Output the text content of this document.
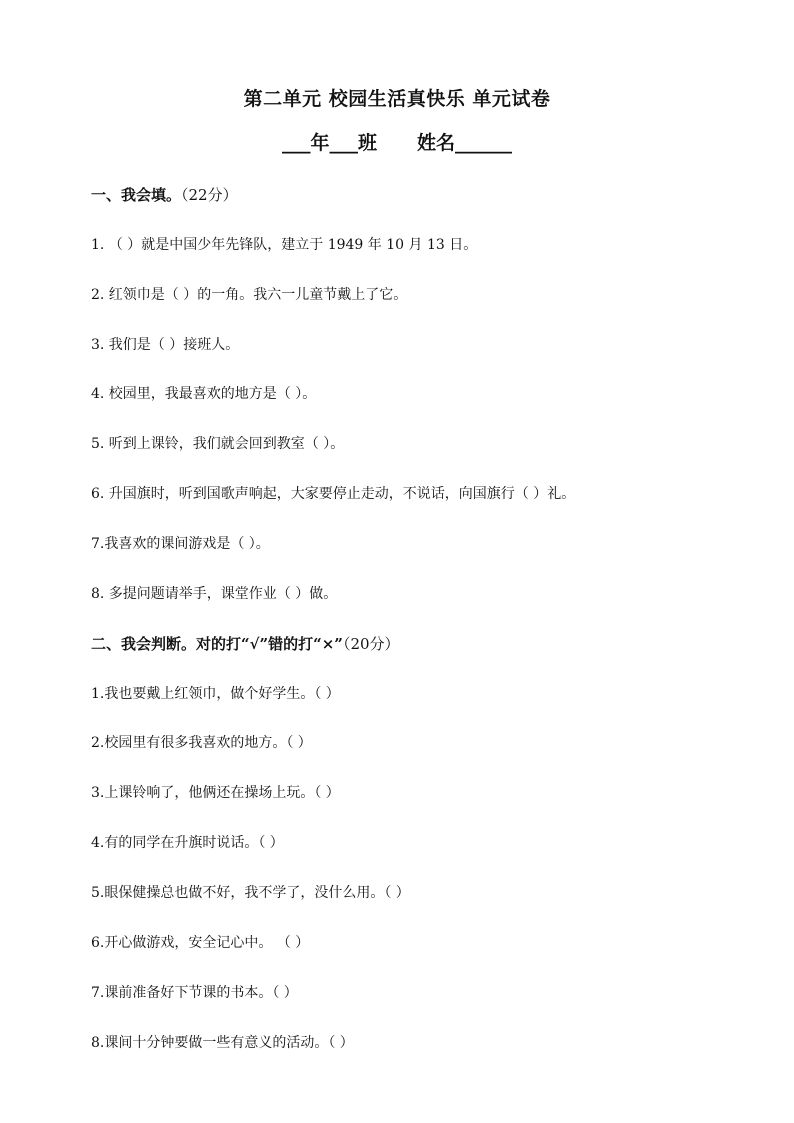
第二单元 校园生活真快乐 单元试卷
___年___班 姓名______
一、我会填。（22分）
1. （ ）就是中国少年先锋队，建立于 1949 年 10 月 13 日。
2. 红领巾是（ ）的一角。我六一儿童节戴上了它。
3. 我们是（ ）接班人。
4. 校园里，我最喜欢的地方是（ ）。
5. 听到上课铃，我们就会回到教室（ ）。
6. 升国旗时，听到国歌声响起，大家要停止走动，不说话，向国旗行（ ）礼。
7.我喜欢的课间游戏是（ ）。
8. 多提问题请举手，课堂作业（ ）做。
二、我会判断。对的打“√”错的打“×”（20分）
1.我也要戴上红领巾，做个好学生。（ ）
2.校园里有很多我喜欢的地方。（ ）
3.上课铃响了，他俩还在操场上玩。（ ）
4.有的同学在升旗时说话。（ ）
5.眼保健操总也做不好，我不学了，没什么用。（ ）
6.开心做游戏，安全记心中。 （ ）
7.课前准备好下节课的书本。（ ）
8.课间十分钟要做一些有意义的活动。（ ）
